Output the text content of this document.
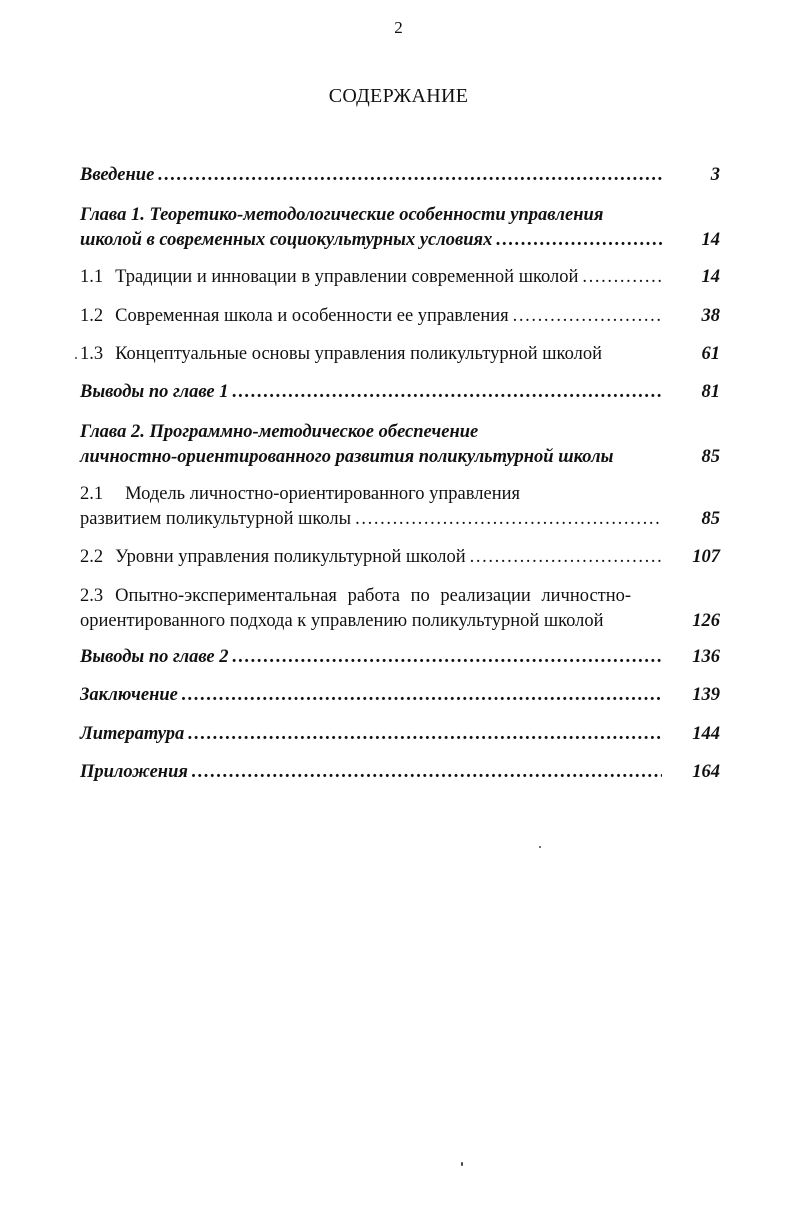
2
СОДЕРЖАНИЕ
Введение . . .	3
Глава 1. Теоретико-методологические особенности управления
школой в современных социокультурных условиях . . .	14
1.1 Традиции и инновации в управлении современной школой . . .	14
1.2 Современная школа и особенности ее управления . . .	38
1.3 Концептуальные основы управления поликультурной школой	61
Выводы по главе 1 . . .	81
Глава 2. Программно-методическое обеспечение
личностно-ориентированного развития поликультурной школы	85
2.1 Модель личностно-ориентированного управления
развитием поликультурной школы . . .	85
2.2 Уровни управления поликультурной школой . . .	107
2.3 Опытно-экспериментальная работа по реализации личностно-
ориентированного подхода к управлению поликультурной школой	126
Выводы по главе 2 . . .	136
Заключение . . .	139
Литература . . .	144
Приложения . . .	164
